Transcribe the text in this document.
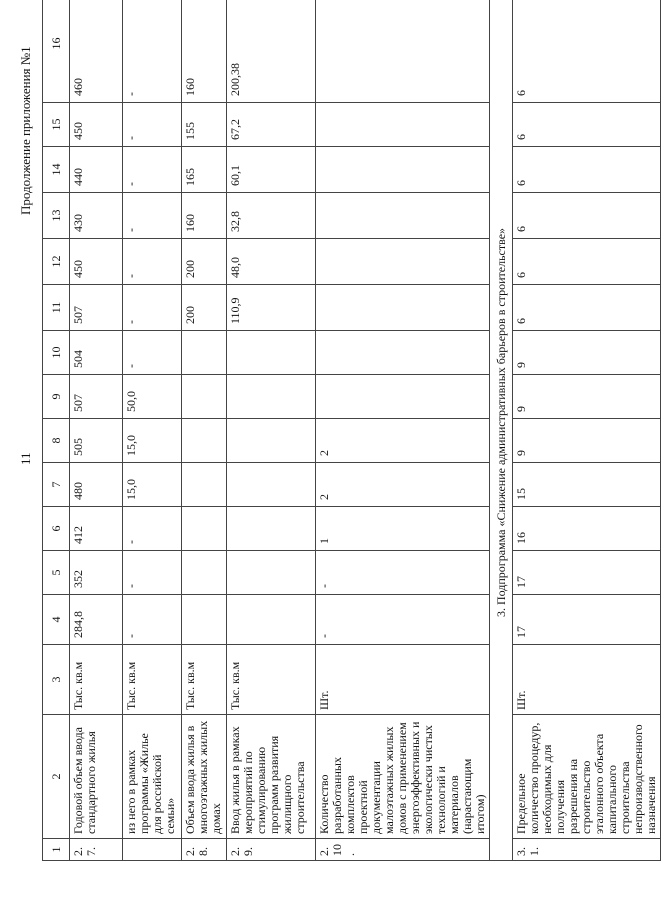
11
Продолжение приложения №1
1	2	3	4	5	6	7	8	9	10	11	12	13	14	15	16
2.7.	Годовой объем ввода стандартного жилья	Тыс. кв.м	284,8	352	412	480	505	507	504	507	450	430	440	450	460
	из него в рамках программы «Жилье для российской семьи»	Тыс. кв.м	-	-	-	15,0	15,0	50,0	-	-	-	-	-	-	-
2.8.	Объем ввода жилья в многоэтажных жилых домах	Тыс. кв.м								200	200	160	165	155	160
2.9.	Ввод жилья в рамках мероприятий по стимулированию программ развития жилищного строительства	Тыс. кв.м								110,9	48,0	32,8	60,1	67,2	200,38
2.10.	Количество разработанных комплектов проектной документации малоэтажных жилых домов с применением энергоэффективных и экологически чистых технологий и материалов (нарастающим итогом)	Шт.	-	-	1	2	2								
3. Подпрограмма «Снижение административных барьеров в строительстве»															
3.1.	Предельное количество процедур, необходимых для получения разрешения на строительство эталонного объекта капитального строительства непроизводственного назначения	Шт.	17	17	16	15	9	9	9	6	6	6	6	6	6
